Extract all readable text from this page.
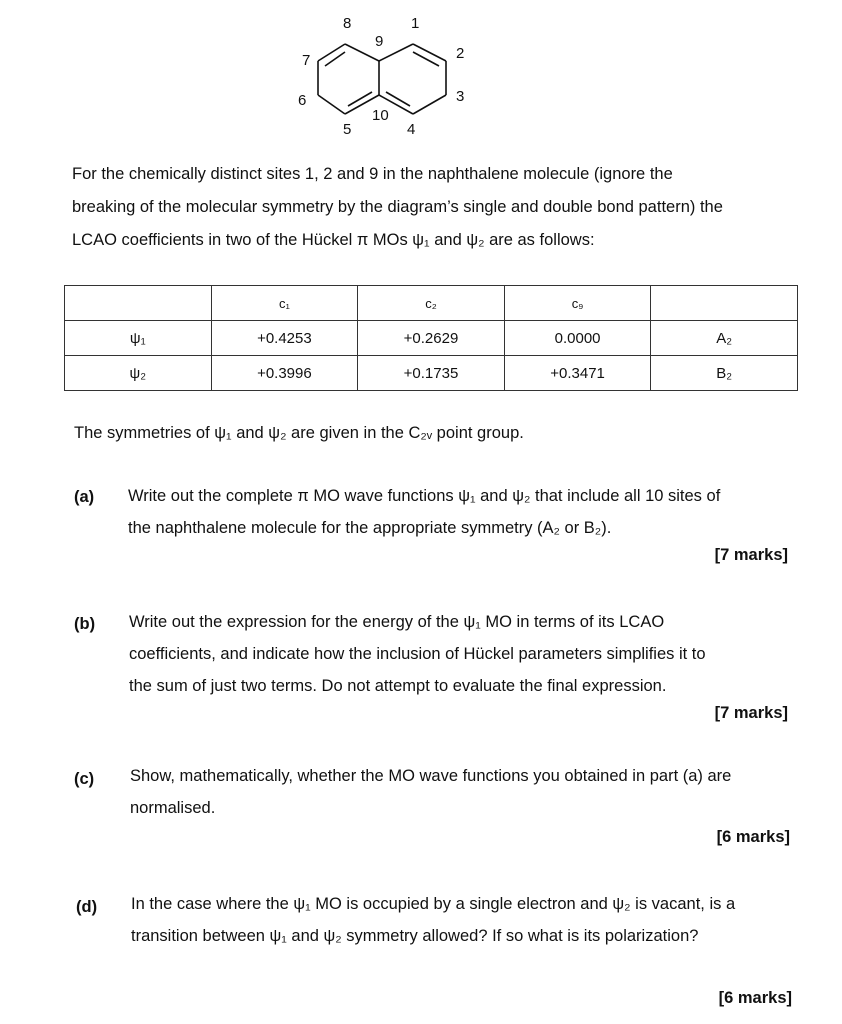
8	1
9
7	2
6	3
10
5	4
For the chemically distinct sites 1, 2 and 9 in the naphthalene molecule (ignore the
breaking of the molecular symmetry by the diagram’s single and double bond pattern) the
LCAO coefficients in two of the Hückel π MOs ψ₁ and ψ₂ are as follows:
	c₁	c₂	c₉	
ψ₁	+0.4253	+0.2629	0.0000	A₂
ψ₂	+0.3996	+0.1735	+0.3471	B₂
The symmetries of ψ₁ and ψ₂ are given in the C₂ᵥ point group.
(a) Write out the complete π MO wave functions ψ₁ and ψ₂ that include all 10 sites of
the naphthalene molecule for the appropriate symmetry (A₂ or B₂).
[7 marks]
(b) Write out the expression for the energy of the ψ₁ MO in terms of its LCAO
coefficients, and indicate how the inclusion of Hückel parameters simplifies it to
the sum of just two terms. Do not attempt to evaluate the final expression.
[7 marks]
(c) Show, mathematically, whether the MO wave functions you obtained in part (a) are
normalised.
[6 marks]
(d) In the case where the ψ₁ MO is occupied by a single electron and ψ₂ is vacant, is a
transition between ψ₁ and ψ₂ symmetry allowed? If so what is its polarization?
[6 marks]
